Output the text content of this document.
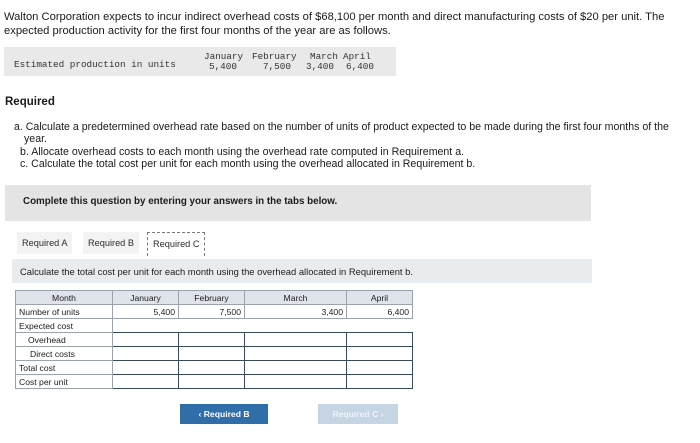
Walton Corporation expects to incur indirect overhead costs of $68,100 per month and direct manufacturing costs of $20 per unit. The expected production activity for the first four months of the year are as follows.
Estimated production in units
January February March April
5,400	7,500 3,400 6,400
Required

a. Calculate a predetermined overhead rate based on the number of units of product expected to be made during the first four months of the year.

b. Allocate overhead costs to each month using the overhead rate computed in Requirement a.

c. Calculate the total cost per unit for each month using the overhead allocated in Requirement b.

Complete this question by entering your answers in the tabs below.
Required A	Required B	Required C
Calculate the total cost per unit for each month using the overhead allocated in Requirement b.
Month	January	February	March	April
Number of units	5,400	7,500	3,400	6,400
Expected cost				
Overhead				
Direct costs				
Total cost				
Cost per unit				
‹ Required B	Required C ›
